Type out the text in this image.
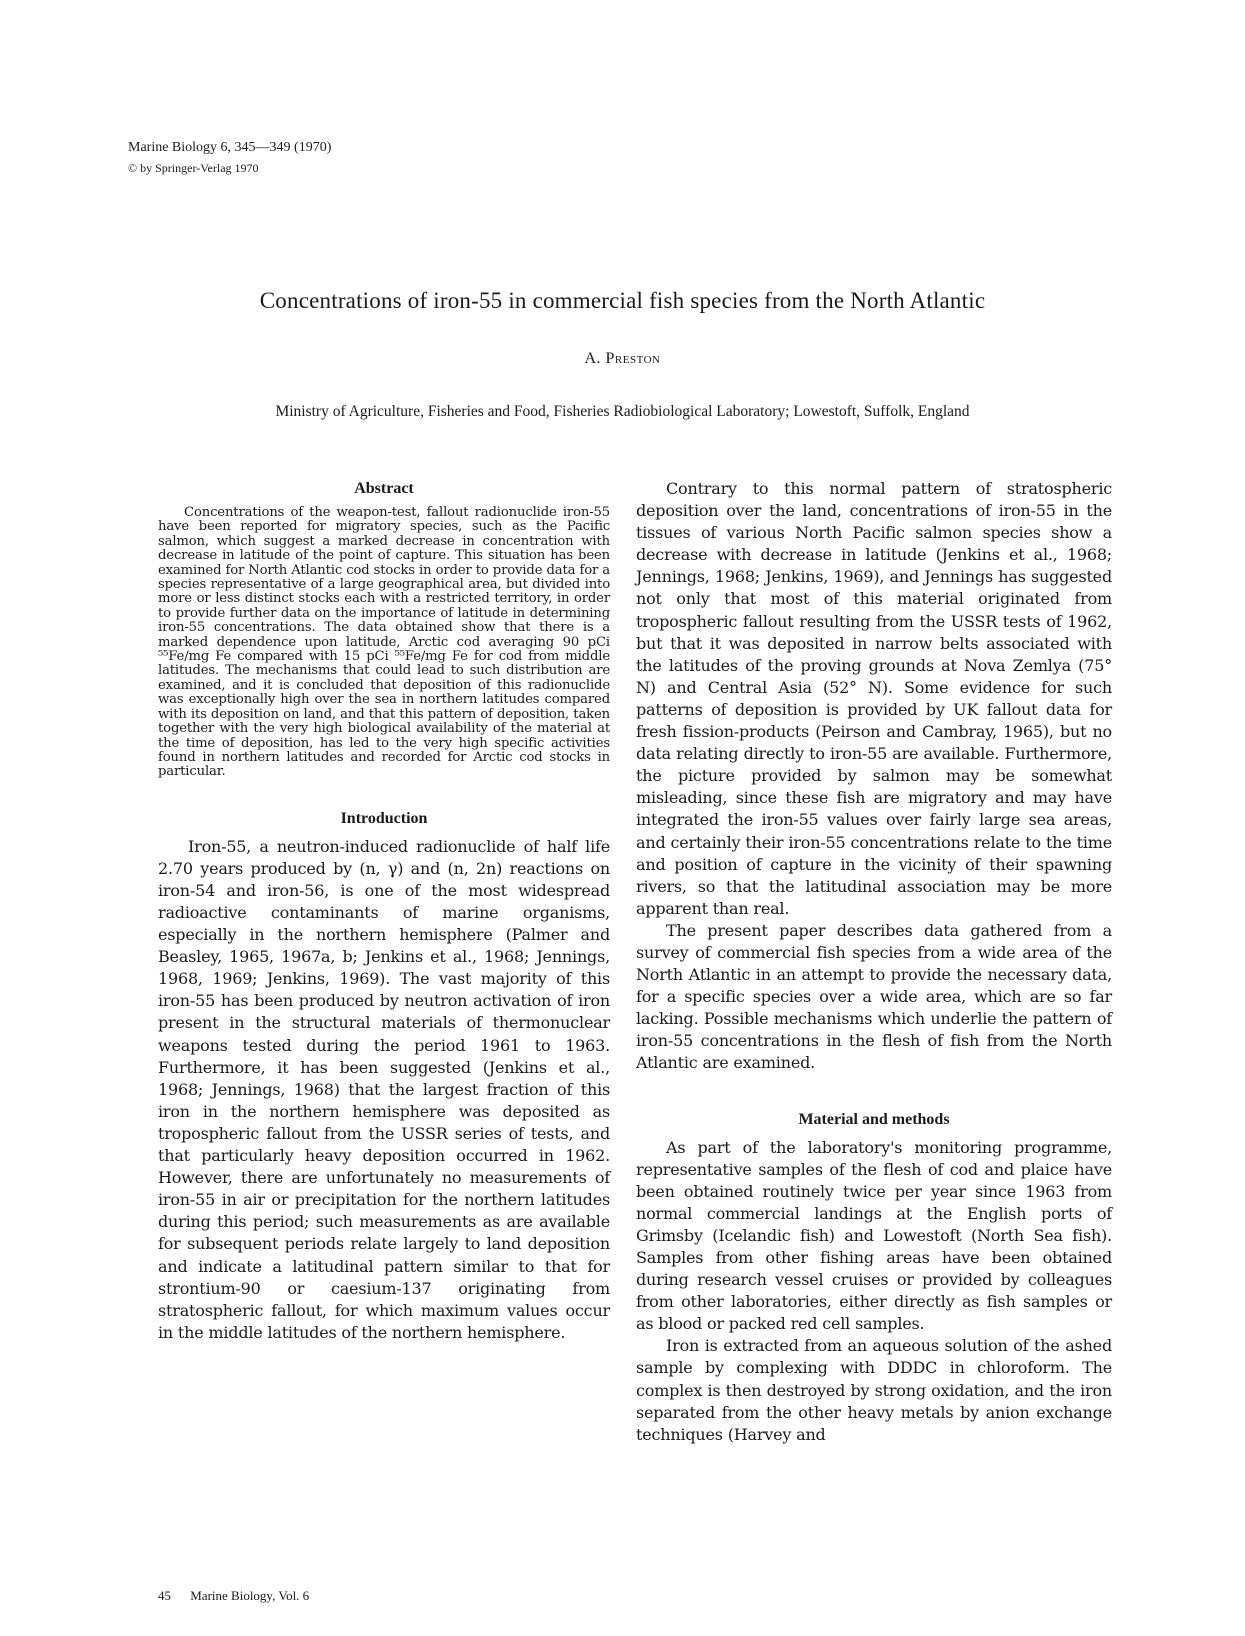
Marine Biology 6, 345—349 (1970)
© by Springer-Verlag 1970
Concentrations of iron-55 in commercial fish species from the North Atlantic
A. Preston
Ministry of Agriculture, Fisheries and Food, Fisheries Radiobiological Laboratory; Lowestoft, Suffolk, England
Abstract

Concentrations of the weapon-test, fallout radionuclide iron-55 have been reported for migratory species, such as the Pacific salmon, which suggest a marked decrease in concentration with decrease in latitude of the point of capture. This situation has been examined for North Atlantic cod stocks in order to provide data for a species representative of a large geographical area, but divided into more or less distinct stocks each with a restricted territory, in order to provide further data on the importance of latitude in determining iron-55 concentrations. The data obtained show that there is a marked dependence upon latitude, Arctic cod averaging 90 pCi ⁵⁵Fe/mg Fe compared with 15 pCi ⁵⁵Fe/mg Fe for cod from middle latitudes. The mechanisms that could lead to such distribution are examined, and it is concluded that deposition of this radionuclide was exceptionally high over the sea in northern latitudes compared with its deposition on land, and that this pattern of deposition, taken together with the very high biological availability of the material at the time of deposition, has led to the very high specific activities found in northern latitudes and recorded for Arctic cod stocks in particular.

Introduction

Iron-55, a neutron-induced radionuclide of half life 2.70 years produced by (n, γ) and (n, 2n) reactions on iron-54 and iron-56, is one of the most widespread radioactive contaminants of marine organisms, especially in the northern hemisphere (Palmer and Beasley, 1965, 1967a, b; Jenkins et al., 1968; Jennings, 1968, 1969; Jenkins, 1969). The vast majority of this iron-55 has been produced by neutron activation of iron present in the structural materials of thermonuclear weapons tested during the period 1961 to 1963. Furthermore, it has been suggested (Jenkins et al., 1968; Jennings, 1968) that the largest fraction of this iron in the northern hemisphere was deposited as tropospheric fallout from the USSR series of tests, and that particularly heavy deposition occurred in 1962. However, there are unfortunately no measurements of iron-55 in air or precipitation for the northern latitudes during this period; such measurements as are available for subsequent periods relate largely to land deposition and indicate a latitudinal pattern similar to that for strontium-90 or caesium-137 originating from stratospheric fallout, for which maximum values occur in the middle latitudes of the northern hemisphere.

Contrary to this normal pattern of stratospheric deposition over the land, concentrations of iron-55 in the tissues of various North Pacific salmon species show a decrease with decrease in latitude (Jenkins et al., 1968; Jennings, 1968; Jenkins, 1969), and Jennings has suggested not only that most of this material originated from tropospheric fallout resulting from the USSR tests of 1962, but that it was deposited in narrow belts associated with the latitudes of the proving grounds at Nova Zemlya (75° N) and Central Asia (52° N). Some evidence for such patterns of deposition is provided by UK fallout data for fresh fission-products (Peirson and Cambray, 1965), but no data relating directly to iron-55 are available. Furthermore, the picture provided by salmon may be somewhat misleading, since these fish are migratory and may have integrated the iron-55 values over fairly large sea areas, and certainly their iron-55 concentrations relate to the time and position of capture in the vicinity of their spawning rivers, so that the latitudinal association may be more apparent than real.

The present paper describes data gathered from a survey of commercial fish species from a wide area of the North Atlantic in an attempt to provide the necessary data, for a specific species over a wide area, which are so far lacking. Possible mechanisms which underlie the pattern of iron-55 concentrations in the flesh of fish from the North Atlantic are examined.

Material and methods

As part of the laboratory's monitoring programme, representative samples of the flesh of cod and plaice have been obtained routinely twice per year since 1963 from normal commercial landings at the English ports of Grimsby (Icelandic fish) and Lowestoft (North Sea fish). Samples from other fishing areas have been obtained during research vessel cruises or provided by colleagues from other laboratories, either directly as fish samples or as blood or packed red cell samples.

Iron is extracted from an aqueous solution of the ashed sample by complexing with DDDC in chloroform. The complex is then destroyed by strong oxidation, and the iron separated from the other heavy metals by anion exchange techniques (Harvey and

45 Marine Biology, Vol. 6
